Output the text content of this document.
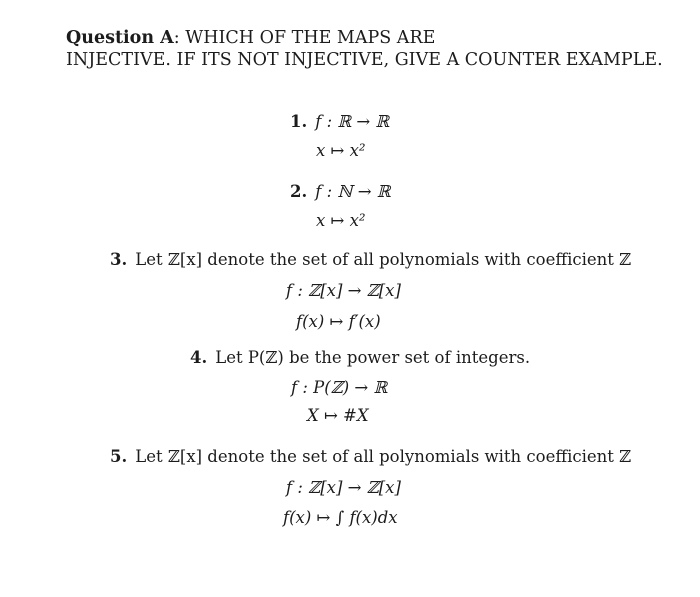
Question A: WHICH OF THE MAPS ARE
INJECTIVE. IF ITS NOT INJECTIVE, GIVE A COUNTER EXAMPLE.
1. f : ℝ → ℝ
x ↦ x²
2. f : ℕ → ℝ
x ↦ x²
3. Let ℤ[x] denote the set of all polynomials with coefficient ℤ
f : ℤ[x] → ℤ[x]
f(x) ↦ f′(x)
4. Let P(ℤ) be the power set of integers.
f : P(ℤ) → ℝ
X ↦ #X
5. Let ℤ[x] denote the set of all polynomials with coefficient ℤ
f : ℤ[x] → ℤ[x]
f(x) ↦ ∫ f(x)dx
